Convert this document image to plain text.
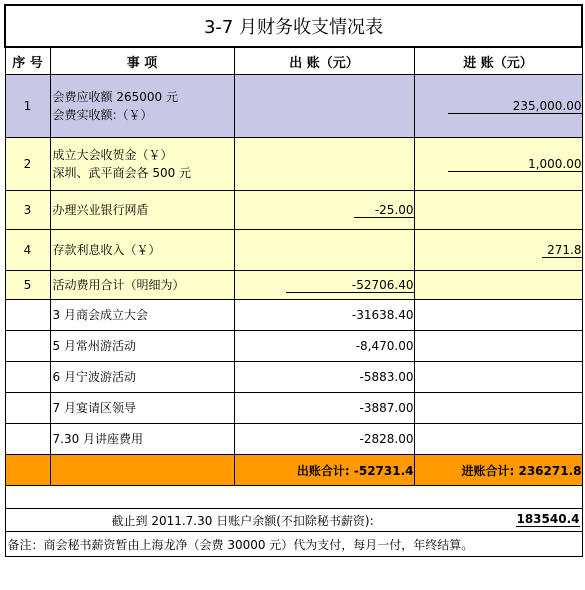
3-7 月财务收支情况表			
序 号	事 项	出 账（元）	进 账（元）
1	会费应收额 265000 元
会费实收额:（￥）		235,000.00
2	成立大会收贺金（￥）
深圳、武平商会各 500 元		1,000.00
3	办理兴业银行网盾	-25.00	
4	存款利息收入（￥）		271.8
5	活动费用合计（明细为）	-52706.40	

	3 月商会成立大会	-31638.40	

	5 月常州游活动	-8,470.00	

	6 月宁波游活动	-5883.00	

	7 月宴请区领导	-3887.00	

	7.30 月讲座费用	-2828.00	
		出账合计: -52731.4	进账合计: 236271.8

截止到 2011.7.30 日账户余额(不扣除秘书薪资): 183540.4			

备注：商会秘书薪资暂由上海龙净（会费 30000 元）代为支付，每月一付，年终结算。			
